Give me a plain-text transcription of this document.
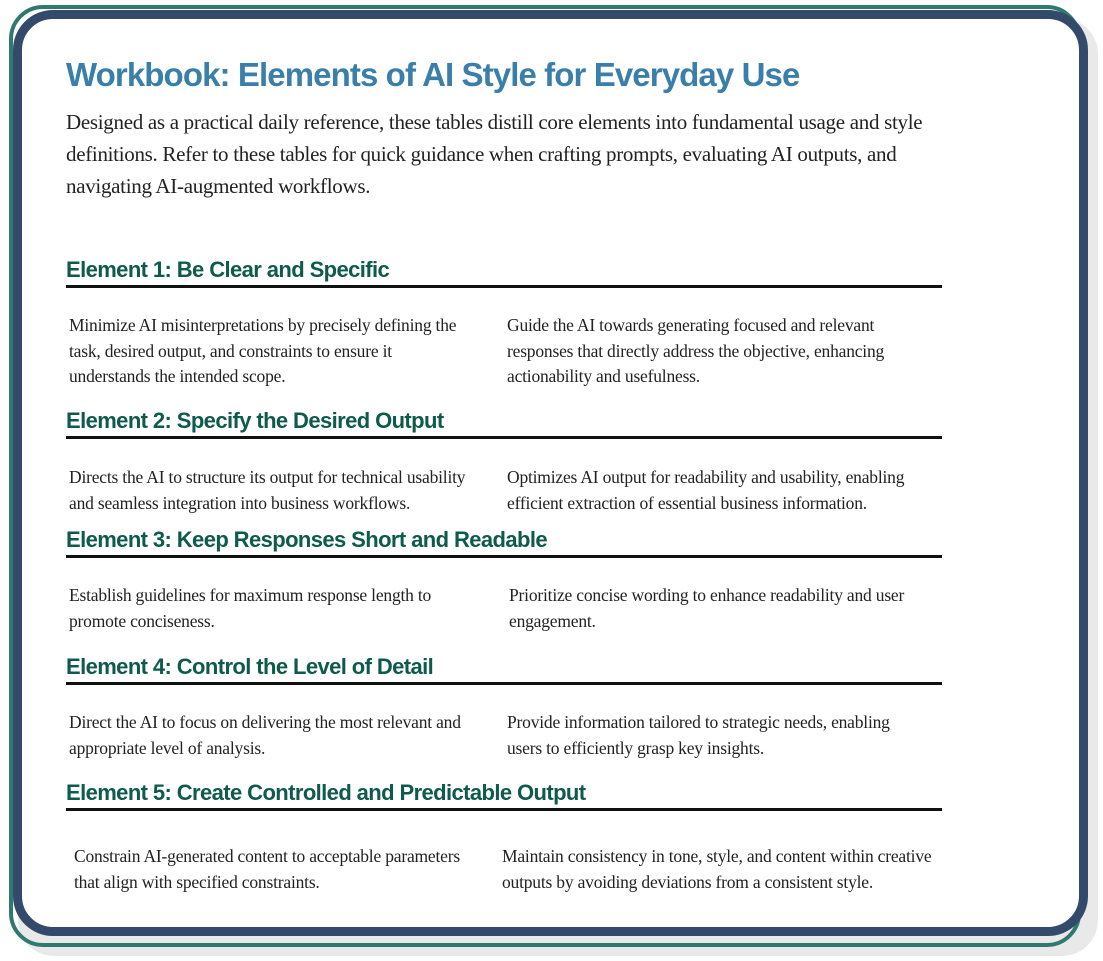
Workbook: Elements of AI Style for Everyday Use

Designed as a practical daily reference, these tables distill core elements into fundamental usage and style definitions. Refer to these tables for quick guidance when crafting prompts, evaluating AI outputs, and navigating AI-augmented workflows.

Element 1: Be Clear and Specific

Minimize AI misinterpretations by precisely defining the task, desired output, and constraints to ensure it understands the intended scope.

Guide the AI towards generating focused and relevant responses that directly address the objective, enhancing actionability and usefulness.

Element 2: Specify the Desired Output

Directs the AI to structure its output for technical usability and seamless integration into business workflows.

Optimizes AI output for readability and usability, enabling efficient extraction of essential business information.

Element 3: Keep Responses Short and Readable

Establish guidelines for maximum response length to promote conciseness.

Prioritize concise wording to enhance readability and user engagement.

Element 4: Control the Level of Detail

Direct the AI to focus on delivering the most relevant and appropriate level of analysis.

Provide information tailored to strategic needs, enabling users to efficiently grasp key insights.

Element 5: Create Controlled and Predictable Output

Constrain AI-generated content to acceptable parameters that align with specified constraints.

Maintain consistency in tone, style, and content within creative outputs by avoiding deviations from a consistent style.
